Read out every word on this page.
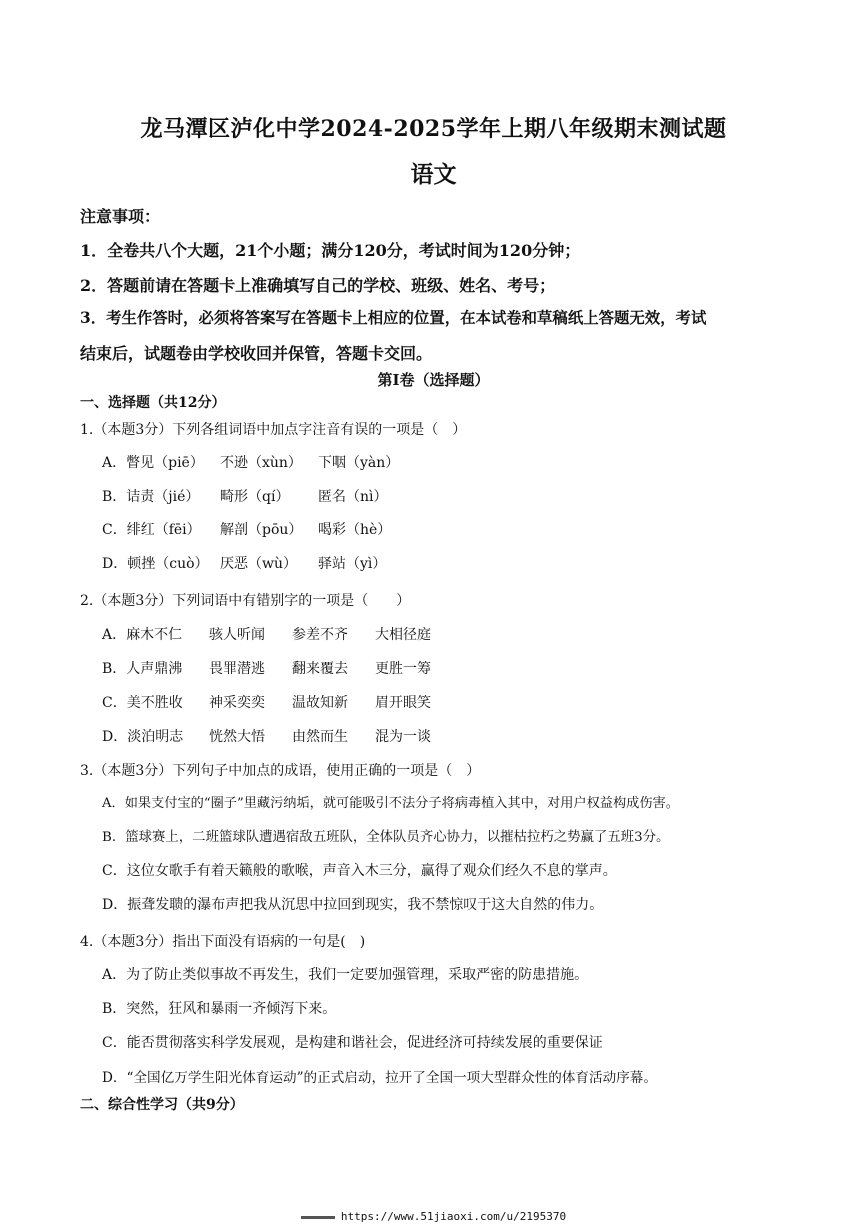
龙马潭区泸化中学2024-2025学年上期八年级期末测试题
语文
注意事项：
1．全卷共八个大题，21个小题；满分120分，考试时间为120分钟；
2．答题前请在答题卡上准确填写自己的学校、班级、姓名、考号；
3．考生作答时，必须将答案写在答题卡上相应的位置，在本试卷和草稿纸上答题无效，考试
结束后，试题卷由学校收回并保管，答题卡交回。
第Ⅰ卷（选择题）
一、选择题（共12分）
1.（本题3分）下列各组词语中加点字注音有误的一项是（　）
A．瞥见（piē） 不逊（xùn） 下咽（yàn）
B．诘责（jié） 畸形（qí） 匿名（nì）
C．绯红（fēi） 解剖（pōu） 喝彩（hè）
D．顿挫（cuò） 厌恶（wù） 驿站（yì）
2.（本题3分）下列词语中有错别字的一项是（　　）
A．麻木不仁 骇人听闻 参差不齐 大相径庭
B．人声鼎沸 畏罪潜逃 翻来覆去 更胜一筹
C．美不胜收 神采奕奕 温故知新 眉开眼笑
D．淡泊明志 恍然大悟 由然而生 混为一谈
3.（本题3分）下列句子中加点的成语，使用正确的一项是（　）
A．如果支付宝的“圈子”里藏污纳垢，就可能吸引不法分子将病毒植入其中，对用户权益构成伤害。
B．篮球赛上，二班篮球队遭遇宿敌五班队，全体队员齐心协力，以摧枯拉朽之势赢了五班3分。
C．这位女歌手有着天籁般的歌喉，声音入木三分，赢得了观众们经久不息的掌声。
D．振聋发聩的瀑布声把我从沉思中拉回到现实，我不禁惊叹于这大自然的伟力。
4.（本题3分）指出下面没有语病的一句是(　)
A．为了防止类似事故不再发生，我们一定要加强管理，采取严密的防患措施。
B．突然，狂风和暴雨一齐倾泻下来。
C．能否贯彻落实科学发展观，是构建和谐社会，促进经济可持续发展的重要保证
D．“全国亿万学生阳光体育运动”的正式启动，拉开了全国一项大型群众性的体育活动序幕。
二、综合性学习（共9分）
https://www.51jiaoxi.com/u/2195370
